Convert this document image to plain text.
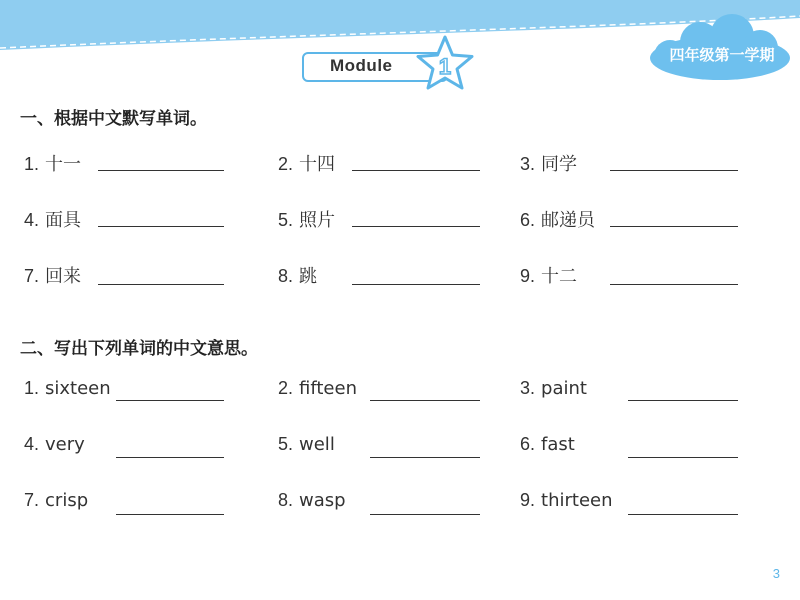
四年级第一学期
Module 1
一、根据中文默写单词。
1. 十一	2. 十四	3. 同学
4. 面具	5. 照片	6. 邮递员
7. 回来	8. 跳	9. 十二
二、写出下列单词的中文意思。
1. sixteen	2. fifteen	3. paint
4. very	5. well	6. fast
7. crisp	8. wasp	9. thirteen
3
